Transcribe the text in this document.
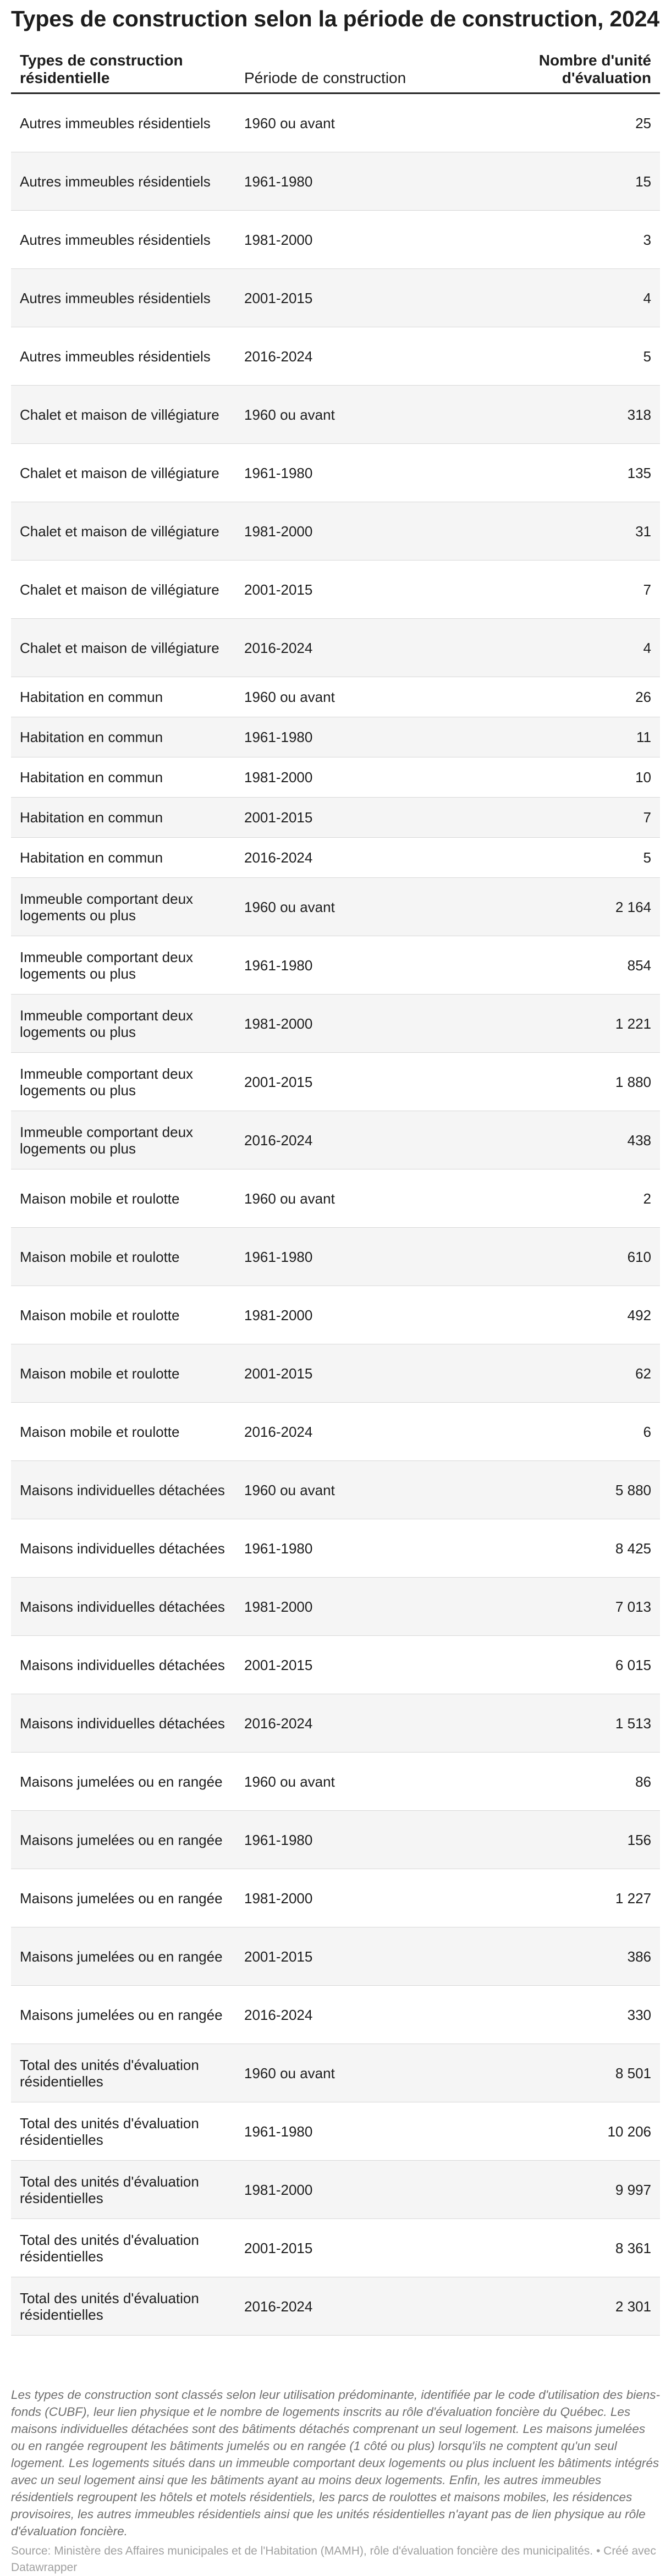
Types de construction selon la période de construction, 2024
Types de construction résidentielle	Période de construction	Nombre d'unité d'évaluation
Autres immeubles résidentiels	1960 ou avant	25
Autres immeubles résidentiels	1961-1980	15
Autres immeubles résidentiels	1981-2000	3
Autres immeubles résidentiels	2001-2015	4
Autres immeubles résidentiels	2016-2024	5
Chalet et maison de villégiature	1960 ou avant	318
Chalet et maison de villégiature	1961-1980	135
Chalet et maison de villégiature	1981-2000	31
Chalet et maison de villégiature	2001-2015	7
Chalet et maison de villégiature	2016-2024	4
Habitation en commun	1960 ou avant	26
Habitation en commun	1961-1980	11
Habitation en commun	1981-2000	10
Habitation en commun	2001-2015	7
Habitation en commun	2016-2024	5
Immeuble comportant deux logements ou plus	1960 ou avant	2 164
Immeuble comportant deux logements ou plus	1961-1980	854
Immeuble comportant deux logements ou plus	1981-2000	1 221
Immeuble comportant deux logements ou plus	2001-2015	1 880
Immeuble comportant deux logements ou plus	2016-2024	438
Maison mobile et roulotte	1960 ou avant	2
Maison mobile et roulotte	1961-1980	610
Maison mobile et roulotte	1981-2000	492
Maison mobile et roulotte	2001-2015	62
Maison mobile et roulotte	2016-2024	6
Maisons individuelles détachées	1960 ou avant	5 880
Maisons individuelles détachées	1961-1980	8 425
Maisons individuelles détachées	1981-2000	7 013
Maisons individuelles détachées	2001-2015	6 015
Maisons individuelles détachées	2016-2024	1 513
Maisons jumelées ou en rangée	1960 ou avant	86
Maisons jumelées ou en rangée	1961-1980	156
Maisons jumelées ou en rangée	1981-2000	1 227
Maisons jumelées ou en rangée	2001-2015	386
Maisons jumelées ou en rangée	2016-2024	330
Total des unités d'évaluation résidentielles	1960 ou avant	8 501
Total des unités d'évaluation résidentielles	1961-1980	10 206
Total des unités d'évaluation résidentielles	1981-2000	9 997
Total des unités d'évaluation résidentielles	2001-2015	8 361
Total des unités d'évaluation résidentielles	2016-2024	2 301
Les types de construction sont classés selon leur utilisation prédominante, identifiée par le code d'utilisation des biens-fonds (CUBF), leur lien physique et le nombre de logements inscrits au rôle d'évaluation foncière du Québec. Les maisons individuelles détachées sont des bâtiments détachés comprenant un seul logement. Les maisons jumelées ou en rangée regroupent les bâtiments jumelés ou en rangée (1 côté ou plus) lorsqu'ils ne comptent qu'un seul logement. Les logements situés dans un immeuble comportant deux logements ou plus incluent les bâtiments intégrés avec un seul logement ainsi que les bâtiments ayant au moins deux logements. Enfin, les autres immeubles résidentiels regroupent les hôtels et motels résidentiels, les parcs de roulottes et maisons mobiles, les résidences provisoires, les autres immeubles résidentiels ainsi que les unités résidentielles n'ayant pas de lien physique au rôle d'évaluation foncière.
Source: Ministère des Affaires municipales et de l'Habitation (MAMH), rôle d'évaluation foncière des municipalités. • Créé avec Datawrapper
